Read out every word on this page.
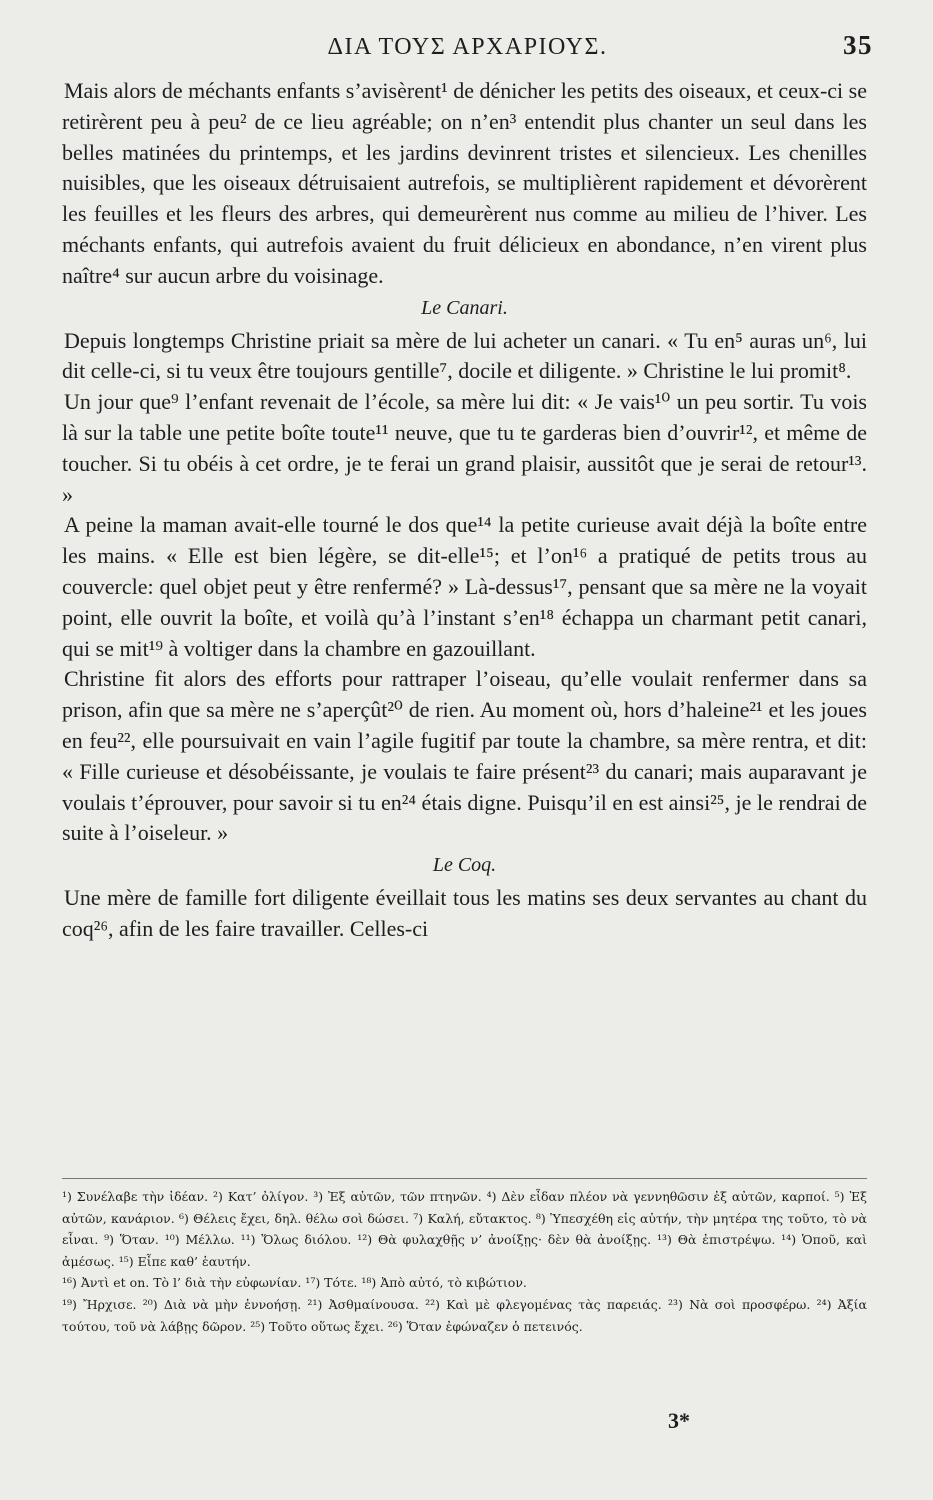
ΔΙΑ ΤΟΥΣ ΑΡΧΑΡΙΟΥΣ.	35

Mais alors de méchants enfants s’avisèrent¹ de dénicher les petits des oiseaux, et ceux-ci se retirèrent peu à peu² de ce lieu agréable; on n’en³ entendit plus chanter un seul dans les belles matinées du printemps, et les jardins devinrent tristes et silencieux. Les chenilles nuisibles, que les oiseaux détruisaient autrefois, se multiplièrent rapidement et dévorèrent les feuilles et les fleurs des arbres, qui demeurèrent nus comme au milieu de l’hiver. Les méchants enfants, qui autrefois avaient du fruit délicieux en abondance, n’en virent plus naître⁴ sur aucun arbre du voisinage.

Le Canari.

Depuis longtemps Christine priait sa mère de lui acheter un canari. « Tu en⁵ auras un⁶, lui dit celle-ci, si tu veux être toujours gentille⁷, docile et diligente. » Christine le lui promit⁸.

Un jour que⁹ l’enfant revenait de l’école, sa mère lui dit: « Je vais¹⁰ un peu sortir. Tu vois là sur la table une petite boîte toute¹¹ neuve, que tu te garderas bien d’ouvrir¹², et même de toucher. Si tu obéis à cet ordre, je te ferai un grand plaisir, aussitôt que je serai de retour¹³. »

A peine la maman avait-elle tourné le dos que¹⁴ la petite curieuse avait déjà la boîte entre les mains. « Elle est bien légère, se dit-elle¹⁵; et l’on¹⁶ a pratiqué de petits trous au couvercle: quel objet peut y être renfermé? » Là-dessus¹⁷, pensant que sa mère ne la voyait point, elle ouvrit la boîte, et voilà qu’à l’instant s’en¹⁸ échappa un charmant petit canari, qui se mit¹⁹ à voltiger dans la chambre en gazouillant.

Christine fit alors des efforts pour rattraper l’oiseau, qu’elle voulait renfermer dans sa prison, afin que sa mère ne s’aperçût²⁰ de rien. Au moment où, hors d’haleine²¹ et les joues en feu²², elle poursuivait en vain l’agile fugitif par toute la chambre, sa mère rentra, et dit: « Fille curieuse et désobéissante, je voulais te faire présent²³ du canari; mais auparavant je voulais t’éprouver, pour savoir si tu en²⁴ étais digne. Puisqu’il en est ainsi²⁵, je le rendrai de suite à l’oiseleur. »

Le Coq.

Une mère de famille fort diligente éveillait tous les matins ses deux servantes au chant du coq²⁶, afin de les faire travailler. Celles-ci

¹) Συνέλαβε τὴν ἰδέαν. ²) Κατ’ ὀλίγον. ³) Ἐξ αὐτῶν, τῶν πτηνῶν. ⁴) Δὲν εἶδαν πλέον νὰ γεννηθῶσιν ἐξ αὐτῶν, καρποί. ⁵) Ἐξ αὐτῶν, κανάριον. ⁶) Θέλεις ἔχει, δηλ. θέλω σοὶ δώσει. ⁷) Καλή, εὔτακτος. ⁸) Ὑπεσχέθη εἰς αὐτήν, τὴν μητέρα της τοῦτο, τὸ νὰ εἶναι. ⁹) Ὅταν. ¹⁰) Μέλλω. ¹¹) Ὅλως διόλου. ¹²) Θὰ φυλαχθῇς ν’ ἀνοίξῃς· δὲν θὰ ἀνοίξῃς. ¹³) Θὰ ἐπιστρέψω. ¹⁴) Ὁποῦ, καὶ ἀμέσως. ¹⁵) Εἶπε καθ’ ἑαυτήν.

¹⁶) Ἀντὶ et on. Τὸ l’ διὰ τὴν εὐφωνίαν. ¹⁷) Τότε. ¹⁸) Ἀπὸ αὐτό, τὸ κιβώτιον.

¹⁹) Ἤρχισε. ²⁰) Διὰ νὰ μὴν ἐννοήσῃ. ²¹) Ἀσθμαίνουσα. ²²) Καὶ μὲ φλεγομένας τὰς παρειάς. ²³) Νὰ σοὶ προσφέρω. ²⁴) Ἀξία τούτου, τοῦ νὰ λάβῃς δῶρον. ²⁵) Τοῦτο οὕτως ἔχει. ²⁶) Ὅταν ἐφώναζεν ὁ πετεινός.

3*
